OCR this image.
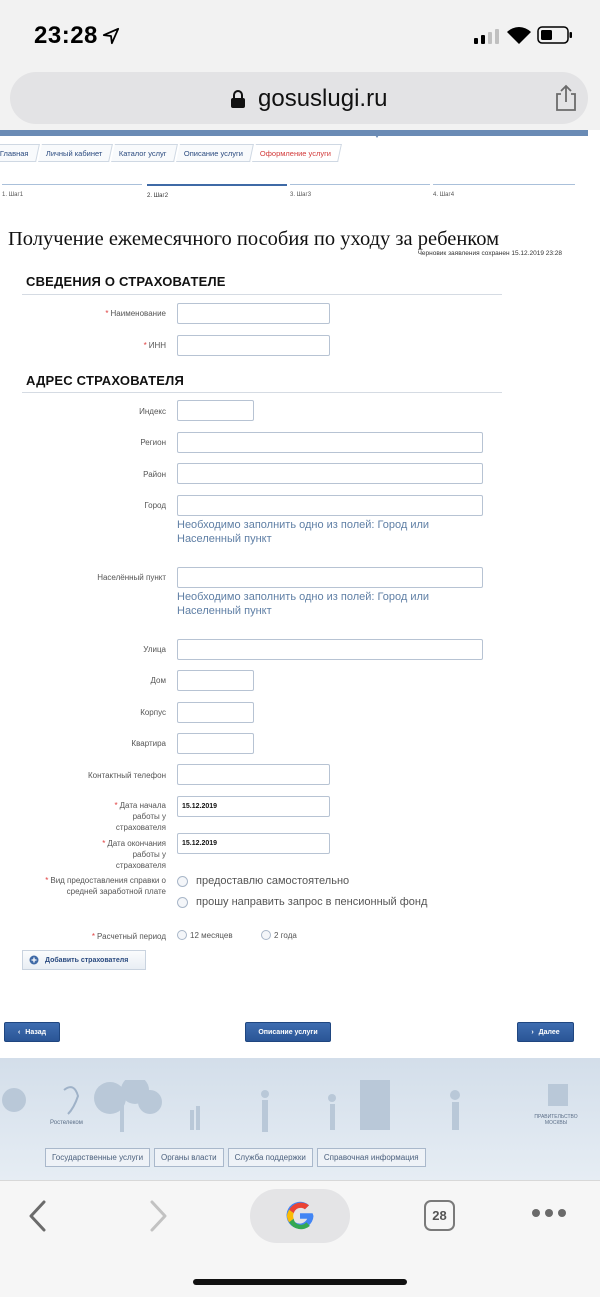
23:28
gosuslugi.ru
Главная	Личный кабинет	Каталог услуг	Описание услуги	Оформление услуги
1. Шаг1	2. Шаг2	3. Шаг3	4. Шаг4
Получение ежемесячного пособия по уходу за ребенком
Черновик заявления сохранен 15.12.2019 23:28
СВЕДЕНИЯ О СТРАХОВАТЕЛЕ
* Наименование
* ИНН
АДРЕС СТРАХОВАТЕЛЯ
Индекс
Регион
Район
Город
Необходимо заполнить одно из полей: Город или Населенный пункт
Населённый пункт
Необходимо заполнить одно из полей: Город или Населенный пункт
Улица
Дом
Корпус
Квартира
Контактный телефон
* Дата начала работы у страхователя
15.12.2019
* Дата окончания работы у страхователя
15.12.2019
* Вид предоставления справки о средней заработной плате
предоставлю самостоятельно
прошу направить запрос в пенсионный фонд
* Расчетный период	12 месяцев	2 года
Добавить страхователя
‹ Назад	Описание услуги	› Далее
Ростелеком
ПРАВИТЕЛЬСТВО МОСКВЫ
Государственные услуги	Органы власти	Служба поддержки	Справочная информация
28
